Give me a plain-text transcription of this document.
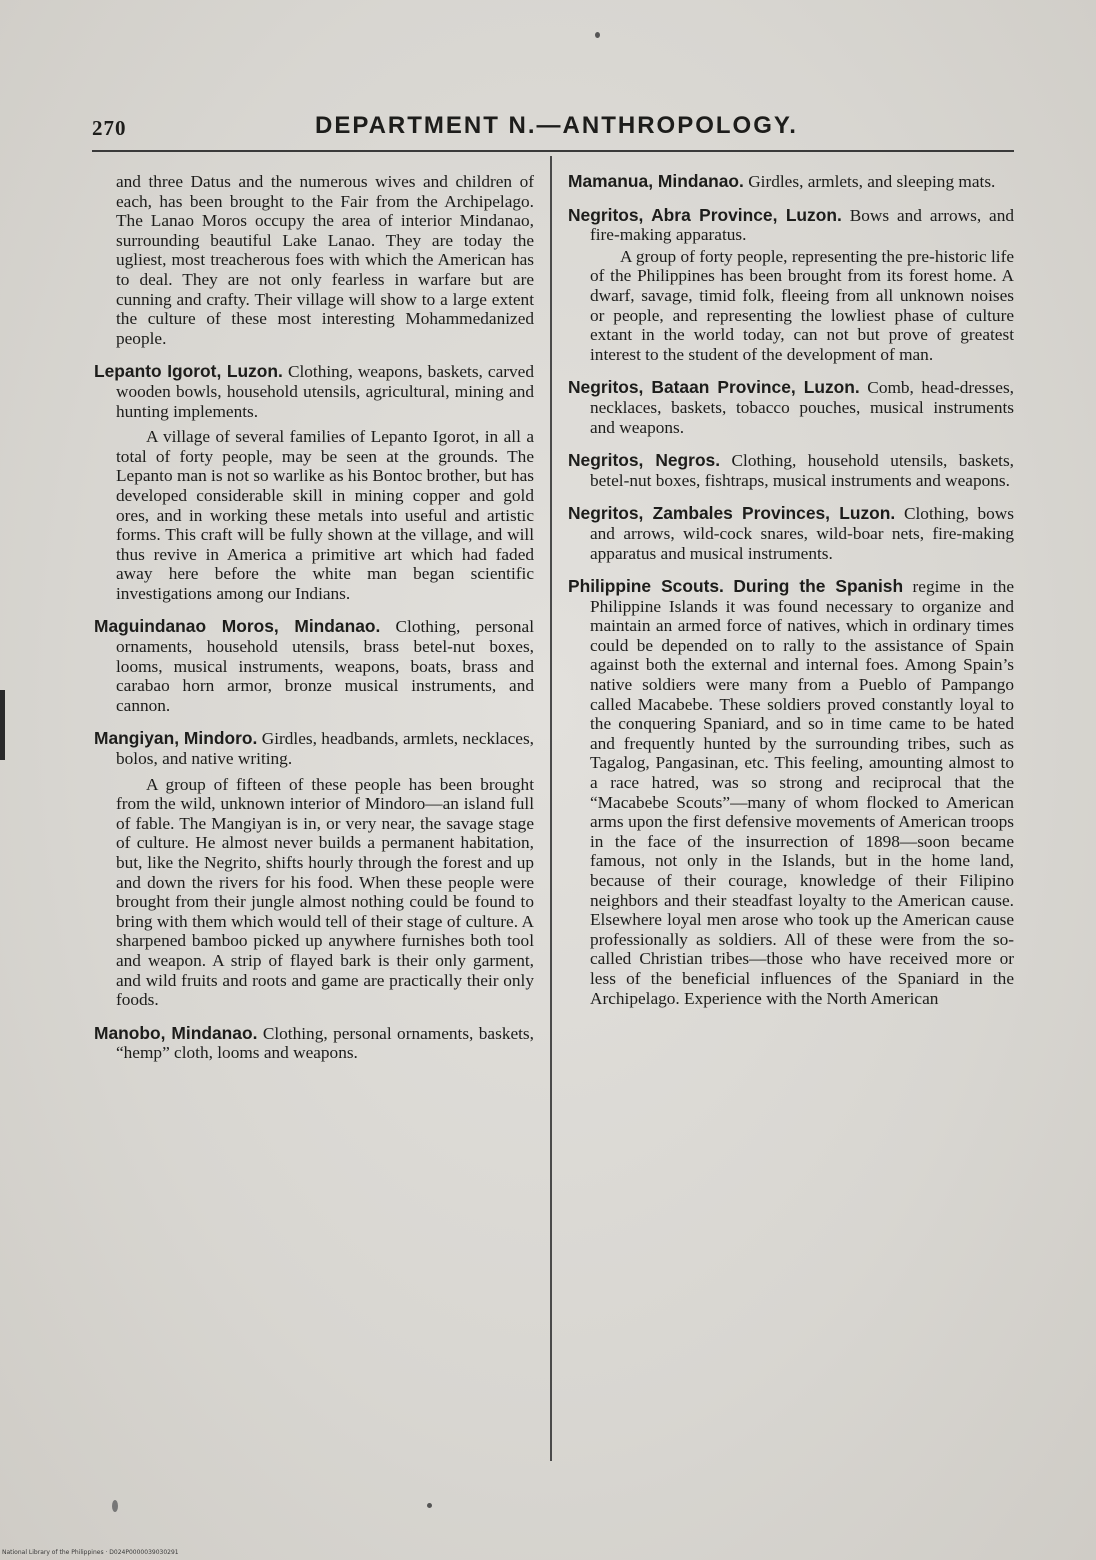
270	DEPARTMENT N.—ANTHROPOLOGY.

and three Datus and the numerous wives and children of each, has been brought to the Fair from the Archipelago. The Lanao Moros occupy the area of interior Mindanao, surrounding beautiful Lake Lanao. They are today the ugliest, most treacherous foes with which the American has to deal. They are not only fearless in warfare but are cunning and crafty. Their village will show to a large extent the culture of these most interesting Mohammedanized people.

Lepanto Igorot, Luzon. Clothing, weapons, baskets, carved wooden bowls, household utensils, agricultural, mining and hunting implements.

A village of several families of Lepanto Igorot, in all a total of forty people, may be seen at the grounds. The Lepanto man is not so warlike as his Bontoc brother, but has developed considerable skill in mining copper and gold ores, and in working these metals into useful and artistic forms. This craft will be fully shown at the village, and will thus revive in America a primitive art which had faded away here before the white man began scientific investigations among our Indians.

Maguindanao Moros, Mindanao. Clothing, personal ornaments, household utensils, brass betel-nut boxes, looms, musical instruments, weapons, boats, brass and carabao horn armor, bronze musical instruments, and cannon.

Mangiyan, Mindoro. Girdles, headbands, armlets, necklaces, bolos, and native writing.

A group of fifteen of these people has been brought from the wild, unknown interior of Mindoro—an island full of fable. The Mangiyan is in, or very near, the savage stage of culture. He almost never builds a permanent habitation, but, like the Negrito, shifts hourly through the forest and up and down the rivers for his food. When these people were brought from their jungle almost nothing could be found to bring with them which would tell of their stage of culture. A sharpened bamboo picked up anywhere furnishes both tool and weapon. A strip of flayed bark is their only garment, and wild fruits and roots and game are practically their only foods.

Manobo, Mindanao. Clothing, personal ornaments, baskets, “hemp” cloth, looms and weapons.

Mamanua, Mindanao. Girdles, armlets, and sleeping mats.

Negritos, Abra Province, Luzon. Bows and arrows, and fire-making apparatus.

A group of forty people, representing the pre-historic life of the Philippines has been brought from its forest home. A dwarf, savage, timid folk, fleeing from all unknown noises or people, and representing the lowliest phase of culture extant in the world today, can not but prove of greatest interest to the student of the development of man.

Negritos, Bataan Province, Luzon. Comb, head-dresses, necklaces, baskets, tobacco pouches, musical instruments and weapons.

Negritos, Negros. Clothing, household utensils, baskets, betel-nut boxes, fishtraps, musical instruments and weapons.

Negritos, Zambales Provinces, Luzon. Clothing, bows and arrows, wild-cock snares, wild-boar nets, fire-making apparatus and musical instruments.

Philippine Scouts. During the Spanish regime in the Philippine Islands it was found necessary to organize and maintain an armed force of natives, which in ordinary times could be depended on to rally to the assistance of Spain against both the external and internal foes. Among Spain’s native soldiers were many from a Pueblo of Pampango called Macabebe. These soldiers proved constantly loyal to the conquering Spaniard, and so in time came to be hated and frequently hunted by the surrounding tribes, such as Tagalog, Pangasinan, etc. This feeling, amounting almost to a race hatred, was so strong and reciprocal that the “Macabebe Scouts”—many of whom flocked to American arms upon the first defensive movements of American troops in the face of the insurrection of 1898—soon became famous, not only in the Islands, but in the home land, because of their courage, knowledge of their Filipino neighbors and their steadfast loyalty to the American cause. Elsewhere loyal men arose who took up the American cause professionally as soldiers. All of these were from the so-called Christian tribes—those who have received more or less of the beneficial influences of the Spaniard in the Archipelago. Experience with the North American

National Library of the Philippines · D024P0000039030291
